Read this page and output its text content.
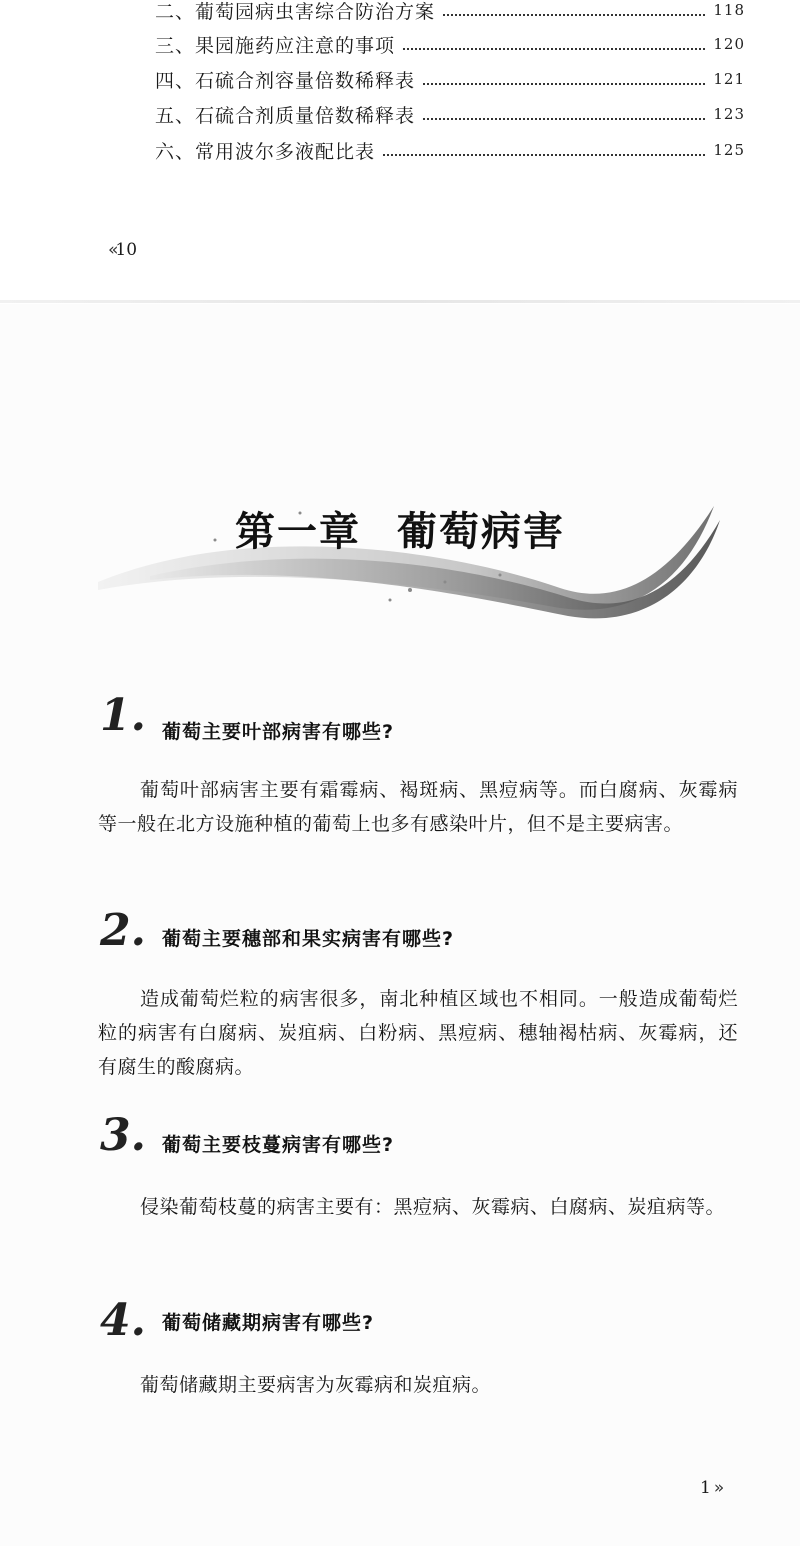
二、葡萄园病虫害综合防治方案	118
三、果园施药应注意的事项	120
四、石硫合剂容量倍数稀释表	121
五、石硫合剂质量倍数稀释表	123
六、常用波尔多液配比表	125
« 10
第一章 葡萄病害
1. 葡萄主要叶部病害有哪些?
葡萄叶部病害主要有霜霉病、褐斑病、黑痘病等。而白腐病、灰霉病等一般在北方设施种植的葡萄上也多有感染叶片，但不是主要病害。
2. 葡萄主要穗部和果实病害有哪些?
造成葡萄烂粒的病害很多，南北种植区域也不相同。一般造成葡萄烂粒的病害有白腐病、炭疽病、白粉病、黑痘病、穗轴褐枯病、灰霉病，还有腐生的酸腐病。
3. 葡萄主要枝蔓病害有哪些?
侵染葡萄枝蔓的病害主要有：黑痘病、灰霉病、白腐病、炭疽病等。
4. 葡萄储藏期病害有哪些?
葡萄储藏期主要病害为灰霉病和炭疽病。
1 »
